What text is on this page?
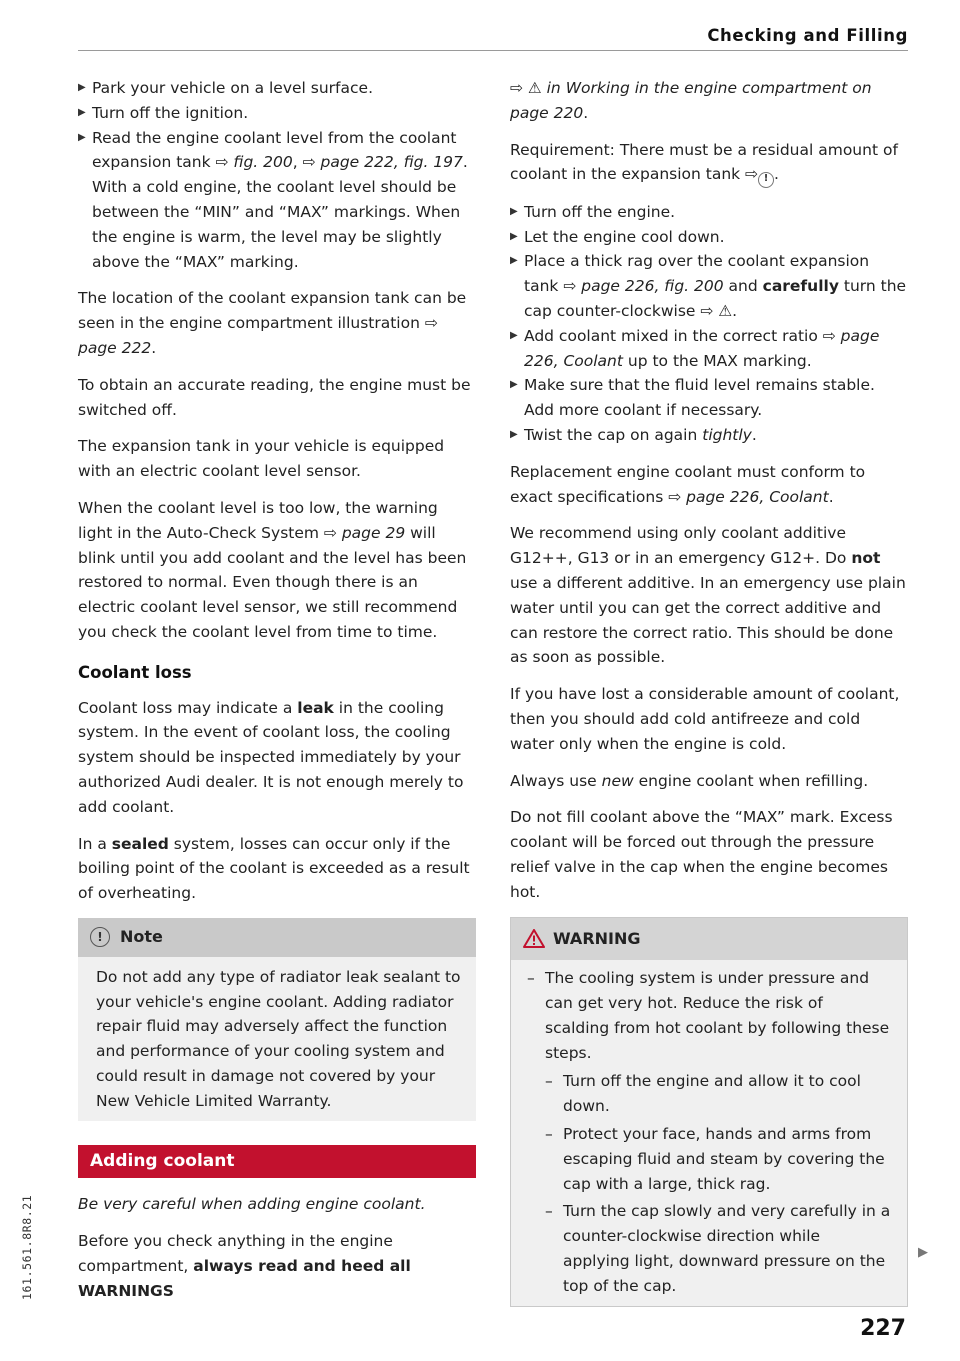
Checking and Filling
▶ Park your vehicle on a level surface.
▶ Turn off the ignition.
▶ Read the engine coolant level from the coolant expansion tank ⇨ fig. 200, ⇨ page 222, fig. 197. With a cold engine, the coolant level should be between the “MIN” and “MAX” markings. When the engine is warm, the level may be slightly above the “MAX” marking.

The location of the coolant expansion tank can be seen in the engine compartment illustration ⇨ page 222.

To obtain an accurate reading, the engine must be switched off.

The expansion tank in your vehicle is equipped with an electric coolant level sensor.

When the coolant level is too low, the warning light in the Auto-Check System ⇨ page 29 will blink until you add coolant and the level has been restored to normal. Even though there is an electric coolant level sensor, we still recommend you check the coolant level from time to time.

Coolant loss

Coolant loss may indicate a leak in the cooling system. In the event of coolant loss, the cooling system should be inspected immediately by your authorized Audi dealer. It is not enough merely to add coolant.

In a sealed system, losses can occur only if the boiling point of the coolant is exceeded as a result of overheating.

!	Note
Do not add any type of radiator leak sealant to your vehicle's engine coolant. Adding radiator repair fluid may adversely affect the function and performance of your cooling system and could result in damage not covered by your New Vehicle Limited Warranty.
Adding coolant

Be very careful when adding engine coolant.

Before you check anything in the engine compartment, always read and heed all WARNINGS

⇨ ⚠ in Working in the engine compartment on page 220.

Requirement: There must be a residual amount of coolant in the expansion tank ⇨ ! .

▶ Turn off the engine.
▶ Let the engine cool down.
▶ Place a thick rag over the coolant expansion tank ⇨ page 226, fig. 200 and carefully turn the cap counter-clockwise ⇨ ⚠.
▶ Add coolant mixed in the correct ratio ⇨ page 226, Coolant up to the MAX marking.
▶ Make sure that the fluid level remains stable. Add more coolant if necessary.
▶ Twist the cap on again tightly.

Replacement engine coolant must conform to exact specifications ⇨ page 226, Coolant.

We recommend using only coolant additive G12++, G13 or in an emergency G12+. Do not use a different additive. In an emergency use plain water until you can get the correct additive and can restore the correct ratio. This should be done as soon as possible.

If you have lost a considerable amount of coolant, then you should add cold antifreeze and cold water only when the engine is cold.

Always use new engine coolant when refilling.

Do not fill coolant above the “MAX” mark. Excess coolant will be forced out through the pressure relief valve in the cap when the engine becomes hot.

WARNING
– The cooling system is under pressure and can get very hot. Reduce the risk of scalding from hot coolant by following these steps.
– Turn off the engine and allow it to cool down.
– Protect your face, hands and arms from escaping fluid and steam by covering the cap with a large, thick rag.
– Turn the cap slowly and very carefully in a counter-clockwise direction while applying light, downward pressure on the top of the cap.
▶
161.561.8R8.21
227
